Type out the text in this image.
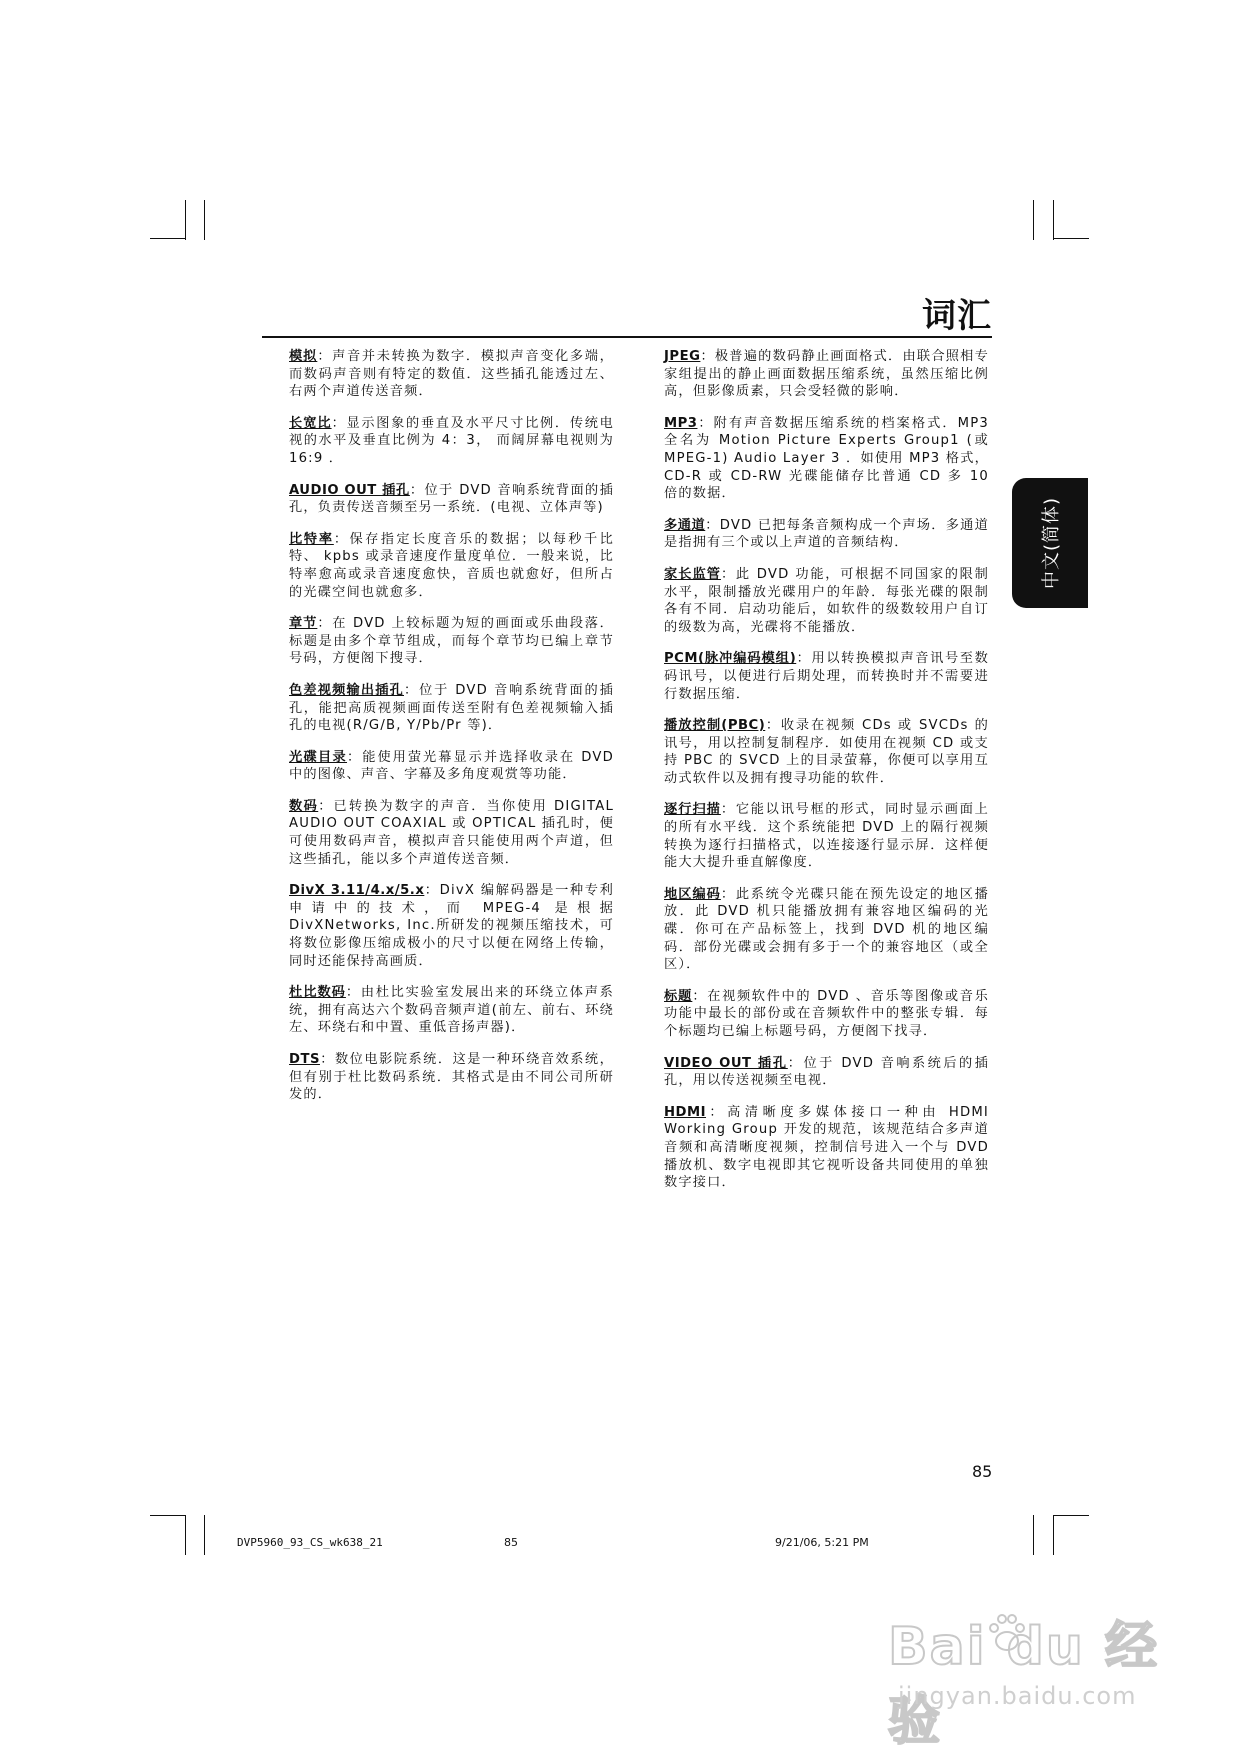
词汇

模拟：声音并未转换为数字．模拟声音变化多端，而数码声音则有特定的数值．这些插孔能透过左、右两个声道传送音频．

长宽比：显示图象的垂直及水平尺寸比例．传统电视的水平及垂直比例为 4：3， 而阔屏幕电视则为 16:9 ．

AUDIO OUT 插孔：位于 DVD 音响系统背面的插孔，负责传送音频至另一系统．(电视、立体声等)

比特率：保存指定长度音乐的数据；以每秒千比特、 kpbs 或录音速度作量度单位．一般来说，比特率愈高或录音速度愈快，音质也就愈好，但所占的光碟空间也就愈多．

章节：在 DVD 上较标题为短的画面或乐曲段落．标题是由多个章节组成，而每个章节均已编上章节号码，方便阁下搜寻．

色差视频输出插孔：位于 DVD 音响系统背面的插孔，能把高质视频画面传送至附有色差视频输入插孔的电视(R/G/B, Y/Pb/Pr 等)．

光碟目录：能使用萤光幕显示并选择收录在 DVD 中的图像、声音、字幕及多角度观赏等功能．

数码：已转换为数字的声音．当你使用 DIGITAL AUDIO OUT COAXIAL 或 OPTICAL 插孔时，便可使用数码声音，模拟声音只能使用两个声道，但这些插孔，能以多个声道传送音频．

DivX 3.11/4.x/5.x：DivX 编解码器是一种专利申请中的技术，而 MPEG-4 是根据 DivXNetworks, Inc.所研发的视频压缩技术，可将数位影像压缩成极小的尺寸以便在网络上传输，同时还能保持高画质．

杜比数码：由杜比实验室发展出来的环绕立体声系统，拥有高达六个数码音频声道(前左、前右、环绕左、环绕右和中置、重低音扬声器)．

DTS：数位电影院系统．这是一种环绕音效系统，但有别于杜比数码系统．其格式是由不同公司所研发的．

JPEG：极普遍的数码静止画面格式．由联合照相专家组提出的静止画面数据压缩系统，虽然压缩比例高，但影像质素，只会受轻微的影响．

MP3：附有声音数据压缩系统的档案格式．MP3 全名为 Motion Picture Experts Group1 (或 MPEG-1) Audio Layer 3 ．如使用 MP3 格式，CD-R 或 CD-RW 光碟能储存比普通 CD 多 10 倍的数据．

多通道：DVD 已把每条音频构成一个声场．多通道是指拥有三个或以上声道的音频结构．

家长监管：此 DVD 功能，可根据不同国家的限制水平，限制播放光碟用户的年龄．每张光碟的限制各有不同．启动功能后，如软件的级数较用户自订的级数为高，光碟将不能播放．

PCM(脉冲编码模组)：用以转换模拟声音讯号至数码讯号，以便进行后期处理，而转换时并不需要进行数据压缩．

播放控制(PBC)：收录在视频 CDs 或 SVCDs 的讯号，用以控制复制程序．如使用在视频 CD 或支持 PBC 的 SVCD 上的目录萤幕，你便可以享用互动式软件以及拥有搜寻功能的软件．

逐行扫描：它能以讯号框的形式，同时显示画面上的所有水平线．这个系统能把 DVD 上的隔行视频转换为逐行扫描格式，以连接逐行显示屏．这样便能大大提升垂直解像度．

地区编码：此系统令光碟只能在预先设定的地区播放．此 DVD 机只能播放拥有兼容地区编码的光碟．你可在产品标签上，找到 DVD 机的地区编码．部份光碟或会拥有多于一个的兼容地区（或全区）．

标题：在视频软件中的 DVD 、音乐等图像或音乐功能中最长的部份或在音频软件中的整张专辑．每个标题均已编上标题号码，方便阁下找寻．

VIDEO OUT 插孔：位于 DVD 音响系统后的插孔，用以传送视频至电视．

HDMI：高清晰度多媒体接口一种由 HDMI Working Group 开发的规范，该规范结合多声道音频和高清晰度视频，控制信号进入一个与 DVD 播放机、数字电视即其它视听设备共同使用的单独数字接口．

中文(简体)
85
DVP5960_93_CS_wk638_21	85	9/21/06, 5:21 PM
Bai du 经验
jingyan.baidu.com
